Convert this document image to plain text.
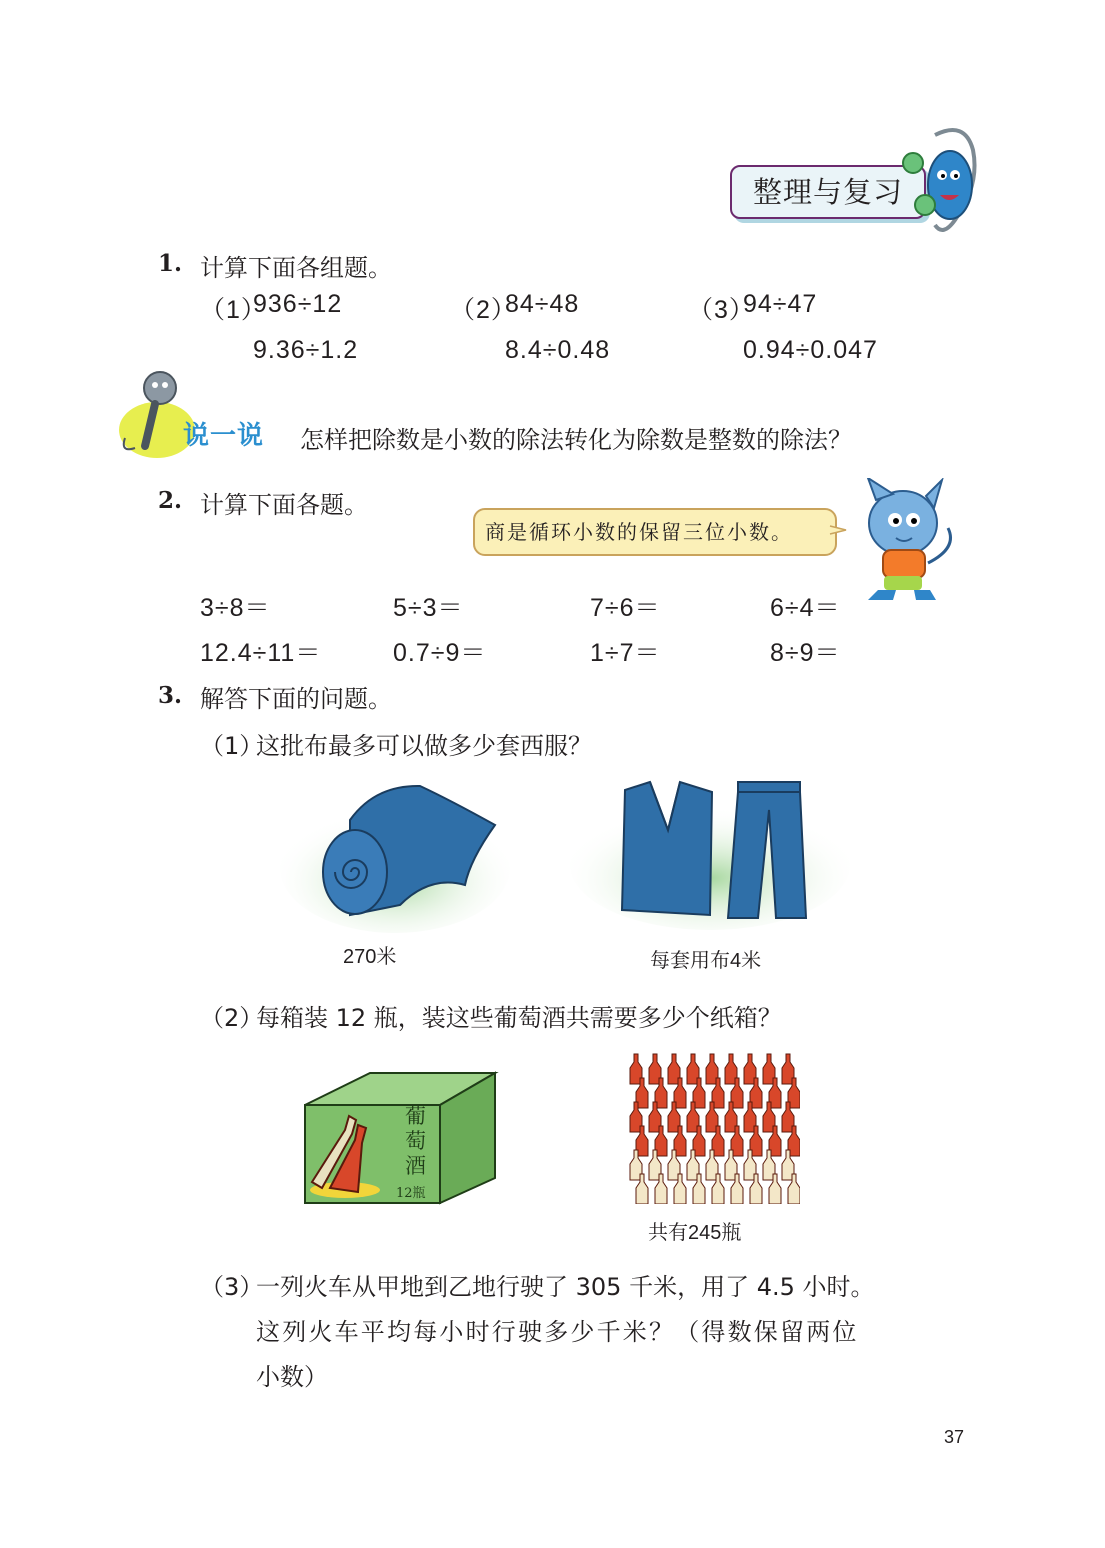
整理与复习
1. 计算下面各组题。
（1）
936÷12
9.36÷1.2
（2）
84÷48
8.4÷0.48
（3）
94÷47
0.94÷0.047
说一说 怎样把除数是小数的除法转化为除数是整数的除法？
2. 计算下面各题。
商是循环小数的保留三位小数。
3÷8＝	5÷3＝	7÷6＝	6÷4＝
12.4÷11＝	0.7÷9＝	1÷7＝	8÷9＝
3. 解答下面的问题。
（1）
这批布最多可以做多少套西服？
270米	每套用布4米
（2）
每箱装 12 瓶，装这些葡萄酒共需要多少个纸箱？
葡
萄
酒
12瓶
共有245瓶
（3）
一列火车从甲地到乙地行驶了 305 千米，用了 4.5 小时。
这列火车平均每小时行驶多少千米？（得数保留两位
小数）
37
